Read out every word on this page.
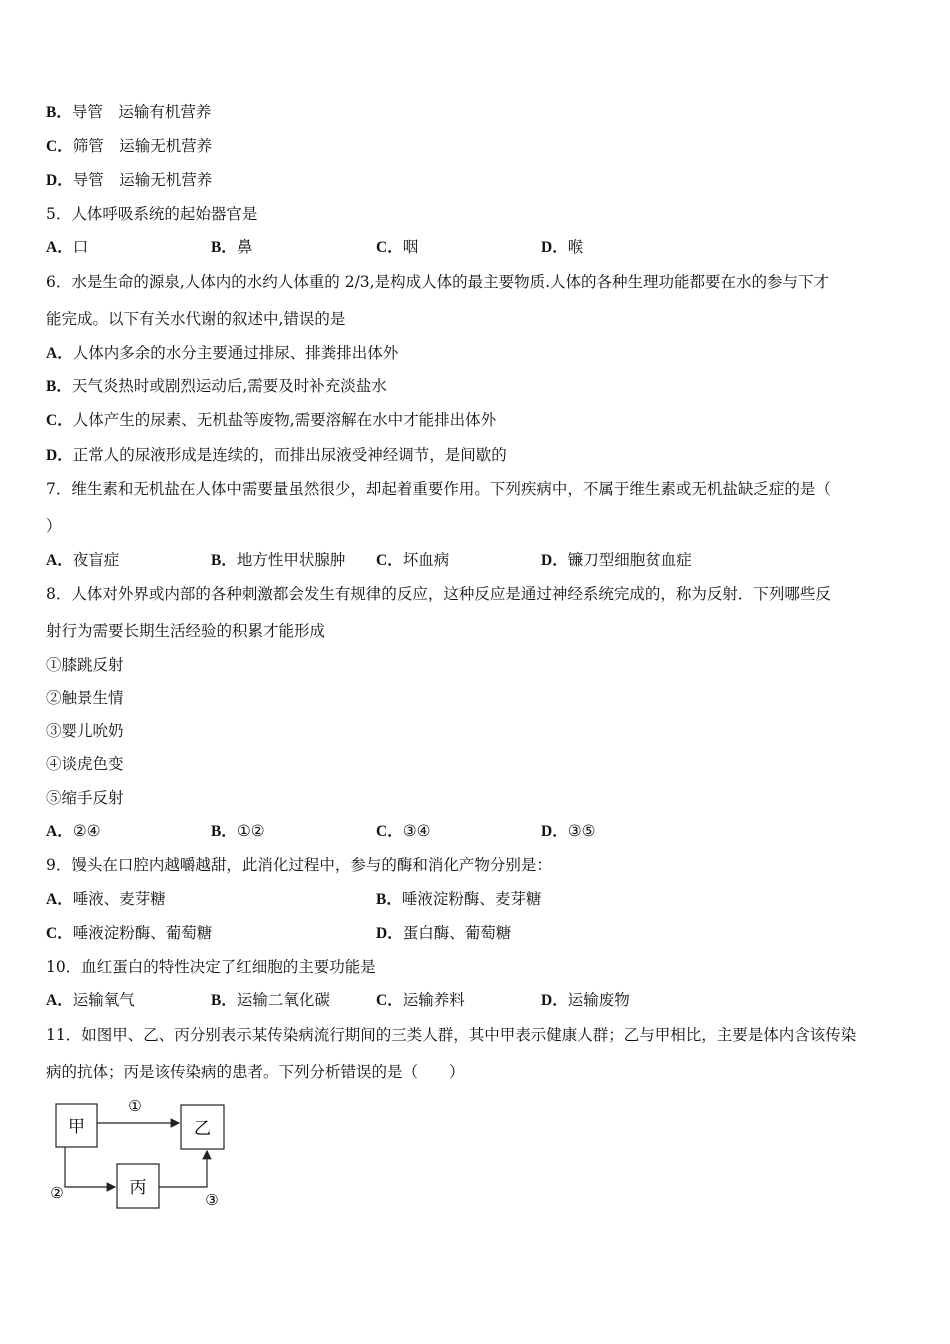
B．导管　运输有机营养
C．筛管　运输无机营养
D．导管　运输无机营养
5．人体呼吸系统的起始器官是
A．口	B．鼻	C．咽	D．喉
6．水是生命的源泉,人体内的水约人体重的 2/3,是构成人体的最主要物质.人体的各种生理功能都要在水的参与下才
能完成。以下有关水代谢的叙述中,错误的是
A．人体内多余的水分主要通过排尿、排粪排出体外
B．天气炎热时或剧烈运动后,需要及时补充淡盐水
C．人体产生的尿素、无机盐等废物,需要溶解在水中才能排出体外
D．正常人的尿液形成是连续的，而排出尿液受神经调节，是间歇的
7．维生素和无机盐在人体中需要量虽然很少，却起着重要作用。下列疾病中，不属于维生素或无机盐缺乏症的是（
）
A．夜盲症	B．地方性甲状腺肿 C．坏血病	D．镰刀型细胞贫血症
8．人体对外界或内部的各种刺激都会发生有规律的反应，这种反应是通过神经系统完成的，称为反射．下列哪些反
射行为需要长期生活经验的积累才能形成
①膝跳反射
②触景生情
③婴儿吮奶
④谈虎色变
⑤缩手反射
A．②④	B．①②	C．③④	D．③⑤
9．馒头在口腔内越嚼越甜，此消化过程中，参与的酶和消化产物分别是：
A．唾液、麦芽糖	B．唾液淀粉酶、麦芽糖
C．唾液淀粉酶、葡萄糖	D．蛋白酶、葡萄糖
10．血红蛋白的特性决定了红细胞的主要功能是
A．运输氧气	B．运输二氧化碳	C．运输养料	D．运输废物
11．如图甲、乙、丙分别表示某传染病流行期间的三类人群，其中甲表示健康人群；乙与甲相比，主要是体内含该传染
病的抗体；丙是该传染病的患者。下列分析错误的是（　　）
甲	乙
丙
①
②	③
